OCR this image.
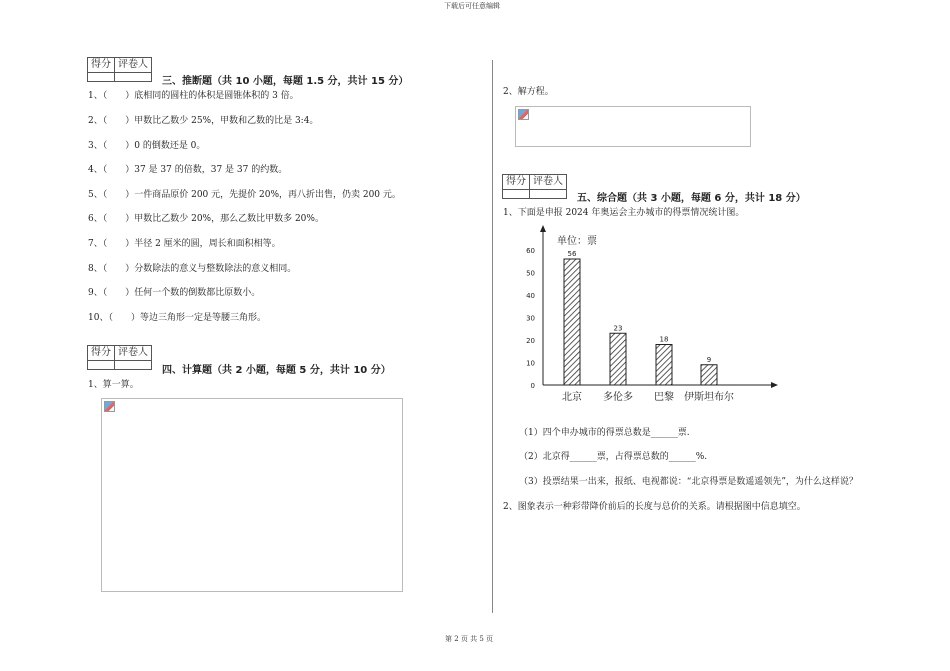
下载后可任意编辑
第 2 页 共 5 页
得分	评卷人

三、推断题（共 10 小题，每题 1.5 分，共计 15 分）
1、（　　）底相同的圆柱的体积是圆锥体积的 3 倍。
2、（　　）甲数比乙数少 25%，甲数和乙数的比是 3:4。
3、（　　）0 的倒数还是 0。
4、（　　）37 是 37 的倍数，37 是 37 的约数。
5、（　　）一件商品原价 200 元，先提价 20%，再八折出售，仍卖 200 元。
6、（　　）甲数比乙数少 20%，那么乙数比甲数多 20%。
7、（　　）半径 2 厘米的圆，周长和面积相等。
8、（　　）分数除法的意义与整数除法的意义相同。
9、（　　）任何一个数的倒数都比原数小。
10、（　　）等边三角形一定是等腰三角形。
得分	评卷人

四、计算题（共 2 小题，每题 5 分，共计 10 分）
1、算一算。
2、解方程。
得分	评卷人

五、综合题（共 3 小题，每题 6 分，共计 18 分）
1、下面是申报 2024 年奥运会主办城市的得票情况统计图。
单位：票
0
10
20
30
40
50
60	56
北京
23
多伦多
18
巴黎
9
伊斯坦布尔
（1）四个申办城市的得票总数是______票.
（2）北京得______票，占得票总数的______%.
（3）投票结果一出来，报纸、电视都说：“北京得票是数遥遥领先”，为什么这样说？
2、图象表示一种彩带降价前后的长度与总价的关系。请根据图中信息填空。
